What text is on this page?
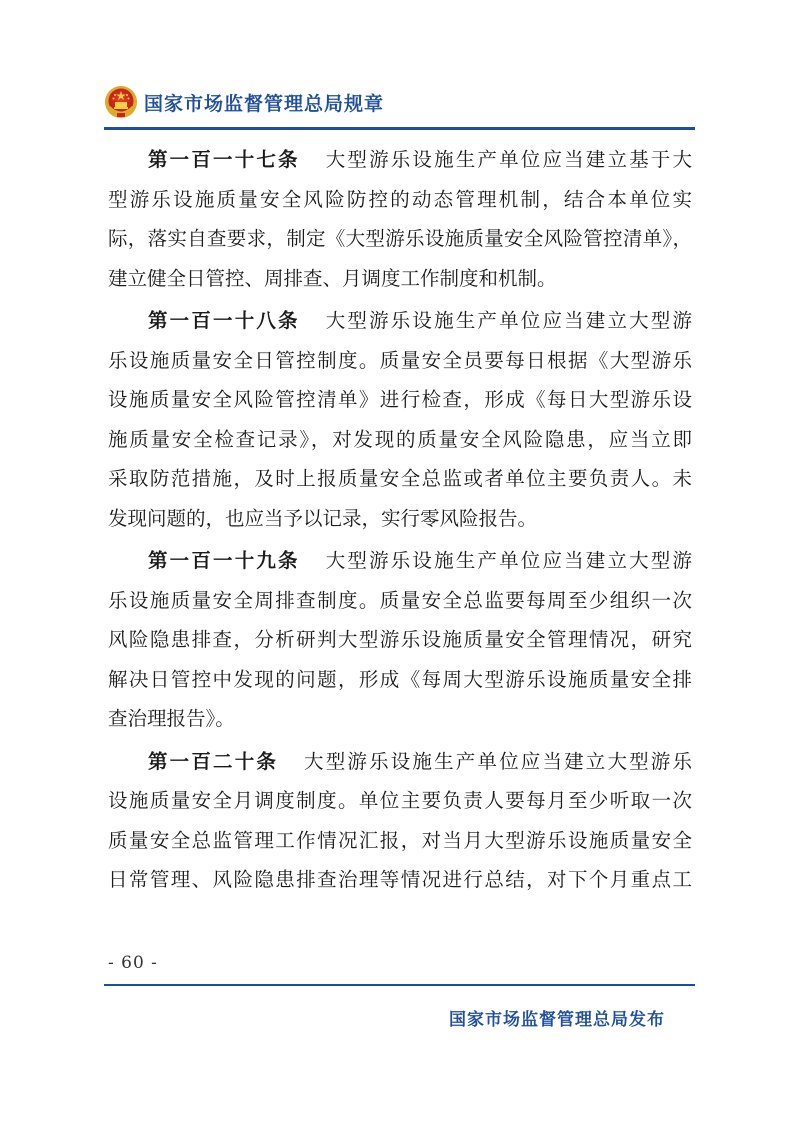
国家市场监督管理总局规章
第一百一十七条 大型游乐设施生产单位应当建立基于大
型游乐设施质量安全风险防控的动态管理机制，结合本单位实
际，落实自查要求，制定《大型游乐设施质量安全风险管控清单》，
建立健全日管控、周排查、月调度工作制度和机制。
第一百一十八条 大型游乐设施生产单位应当建立大型游
乐设施质量安全日管控制度。质量安全员要每日根据《大型游乐
设施质量安全风险管控清单》进行检查，形成《每日大型游乐设
施质量安全检查记录》，对发现的质量安全风险隐患，应当立即
采取防范措施，及时上报质量安全总监或者单位主要负责人。未
发现问题的，也应当予以记录，实行零风险报告。
第一百一十九条 大型游乐设施生产单位应当建立大型游
乐设施质量安全周排查制度。质量安全总监要每周至少组织一次
风险隐患排查，分析研判大型游乐设施质量安全管理情况，研究
解决日管控中发现的问题，形成《每周大型游乐设施质量安全排
查治理报告》。
第一百二十条 大型游乐设施生产单位应当建立大型游乐
设施质量安全月调度制度。单位主要负责人要每月至少听取一次
质量安全总监管理工作情况汇报，对当月大型游乐设施质量安全
日常管理、风险隐患排查治理等情况进行总结，对下个月重点工
- 60 -
国家市场监督管理总局发布
